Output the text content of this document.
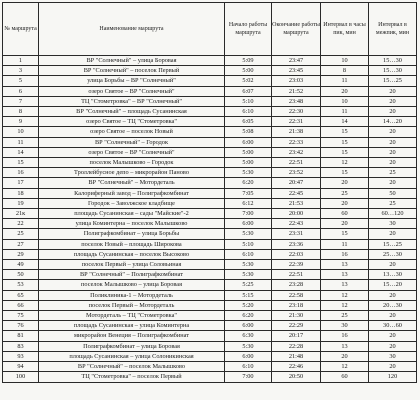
№ маршрута	Наименование маршрута	Начало работы маршрута	Окончание работы маршрута	Интервал в часы пик, мин	Интервал в межпик, мин
1	ВР "Солнечный" – улица Боровая	5:09	23:47	10	15…30
3	ВР "Солнечный" – поселок Первый	5:00	23:45	8	15…30
5	улица Борьбы – ВР "Солнечный"	5:02	23:03	11	15…25
6	озеро Святое – ВР "Солнечный"	6:07	21:52	20	20
7	ТЦ "Стометровка" – ВР "Солнечный"	5:10	23:48	10	20
8	ВР "Солнечный" – площадь Сусанинская	6:10	22:30	11	20
9	озеро Святое – ТЦ "Стометровка"	6:05	22:31	14	14…20
10	озеро Святое – поселок Новый	5:08	21:38	15	20
11	ВР "Солнечный" – Городок	6:00	22:33	15	20
14	озеро Святое – ВР "Солнечный"	5:00	23:42	15	20
15	поселок Малышково – Городок	5:00	22:51	12	20
16	Троллейбусное депо – микрорайон Паново	5:30	23:52	15	25
17	ВР "Солнечный" – Мотордеталь	6:20	20:47	20	20
18	Калориферный завод – Полиграфкомбинат	7:05	22:45	25	50
19	Городок – Заволжское кладбище	6:12	21:53	20	25
21к	площадь Сусанинская – сады "Майские"-2	7:00	20:00	60	60…120
22	улица Коминтерна – поселок Малышково	6:00	22:43	20	30
25	Полиграфкомбинат – улица Борьбы	5:30	23:31	15	20
27	поселок Новый – площадь Широкова	5:10	23:36	11	15…25
29	площадь Сусанинская – поселок Высоково	6:10	22:03	16	25…30
49	поселок Первый – улица Соловьиная	5:30	22:39	13	20
50	ВР "Солнечный" – Полиграфкомбинат	5:30	22:51	13	13…30
53	поселок Малышково – улица Боровая	5:25	23:28	13	15…20
65	Поликлиника-1 – Мотордеталь	5:15	22:58	12	20
66	поселок Первый – Мотордеталь	5:20	23:18	12	20…30
75	Мотордеталь – ТЦ "Стометровка"	6:20	21:30	25	20
76	площадь Сусанинская – улица Коминтерна	6:00	22:29	30	30…60
81	микрорайон Венеция – Полиграфкомбинат	6:30	20:17	16	20
83	Полиграфкомбинат – улица Боровая	5:30	22:28	13	20
93	площадь Сусанинская – улица Солоникинская	6:00	21:48	20	30
94	ВР "Солнечный" – поселок Малышково	6:10	22:46	12	20
100	ТЦ "Стометровка" – поселок Первый	7:00	20:50	60	120
